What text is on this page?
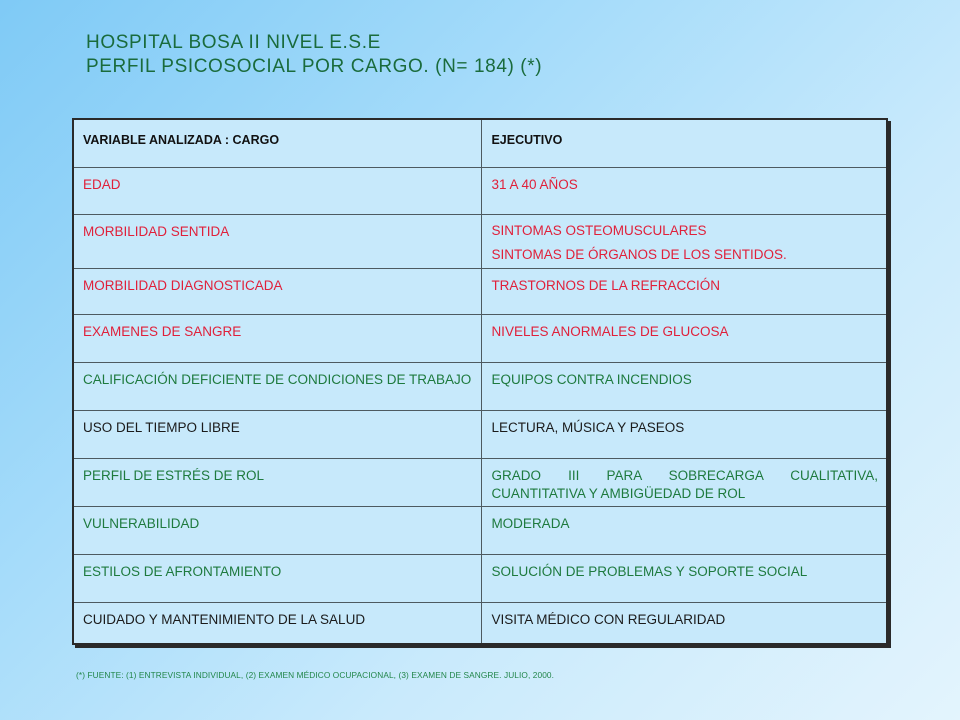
HOSPITAL BOSA II NIVEL E.S.E
PERFIL PSICOSOCIAL POR CARGO. (N= 184) (*)
VARIABLE ANALIZADA : CARGO	EJECUTIVO
EDAD	31 A 40 AÑOS
MORBILIDAD SENTIDA	SINTOMAS OSTEOMUSCULARES
SINTOMAS DE ÓRGANOS DE LOS SENTIDOS.

MORBILIDAD DIAGNOSTICADA	TRASTORNOS DE LA REFRACCIÓN
EXAMENES DE SANGRE	NIVELES ANORMALES DE GLUCOSA
CALIFICACIÓN DEFICIENTE DE CONDICIONES DE TRABAJO	EQUIPOS CONTRA INCENDIOS
USO DEL TIEMPO LIBRE	LECTURA, MÚSICA Y PASEOS
PERFIL DE ESTRÉS DE ROL	GRADO III PARA SOBRECARGA CUALITATIVA, CUANTITATIVA Y AMBIGÜEDAD DE ROL
VULNERABILIDAD	MODERADA
ESTILOS DE AFRONTAMIENTO	SOLUCIÓN DE PROBLEMAS Y SOPORTE SOCIAL
CUIDADO Y MANTENIMIENTO DE LA SALUD	VISITA MÉDICO CON REGULARIDAD
(*) FUENTE: (1) ENTREVISTA INDIVIDUAL, (2) EXAMEN MÉDICO OCUPACIONAL, (3) EXAMEN DE SANGRE. JULIO, 2000.
